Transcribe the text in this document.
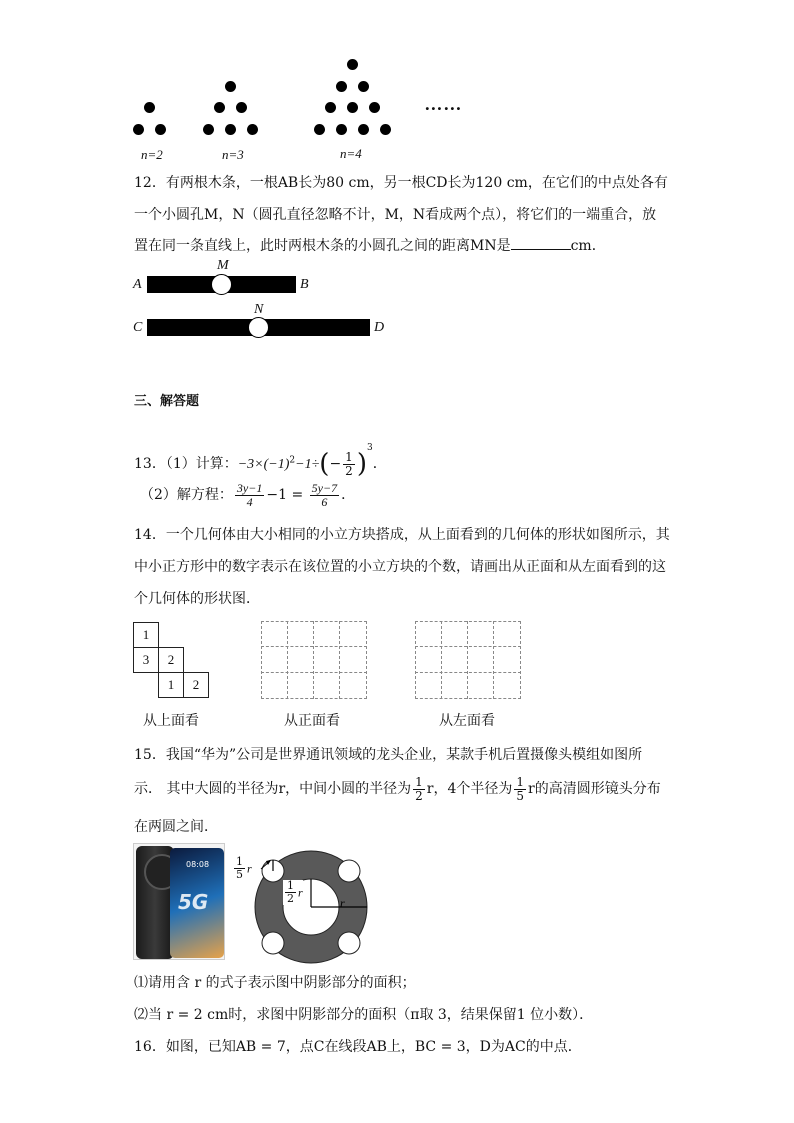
……
n=2	n=3	n=4
12．有两根木条，一根AB长为80 cm，另一根CD长为120 cm，在它们的中点处各有
一个小圆孔M，N（圆孔直径忽略不计，M，N看成两个点），将它们的一端重合，放
置在同一条直线上，此时两根木条的小圆孔之间的距离MN是	cm．
A
M
B
C
N
D
三、解答题
13．（1）计算：$-3\times(-1)^2-1\div(- \frac{1}{2} )^3$．
（2）解方程： $\frac{3y-1}{4} -1 = \frac{5y-7}{6}$ ．
14．一个几何体由大小相同的小立方块搭成，从上面看到的几何体的形状如图所示，其
中小正方形中的数字表示在该位置的小立方块的个数，请画出从正面和从左面看到的这
个几何体的形状图．
1
3	2
1	2
从上面看	从正面看	从左面看
15．我国“华为”公司是世界通讯领域的龙头企业，某款手机后置摄像头模组如图所
示． 其中大圆的半径为r，中间小圆的半径为 $\frac{1}{2}$ r，4个半径为 $\frac{1}{5}$ r的高清圆形镜头分布
在两圆之间．
08:08
5G
$\frac{1}{5}$ r
$\frac{1}{2}$ r
r
⑴请用含 r 的式子表示图中阴影部分的面积；
⑵当 r = 2 cm时，求图中阴影部分的面积（π取 3，结果保留1 位小数）．
16．如图，已知AB = 7，点C在线段AB上，BC = 3，D为AC的中点．
